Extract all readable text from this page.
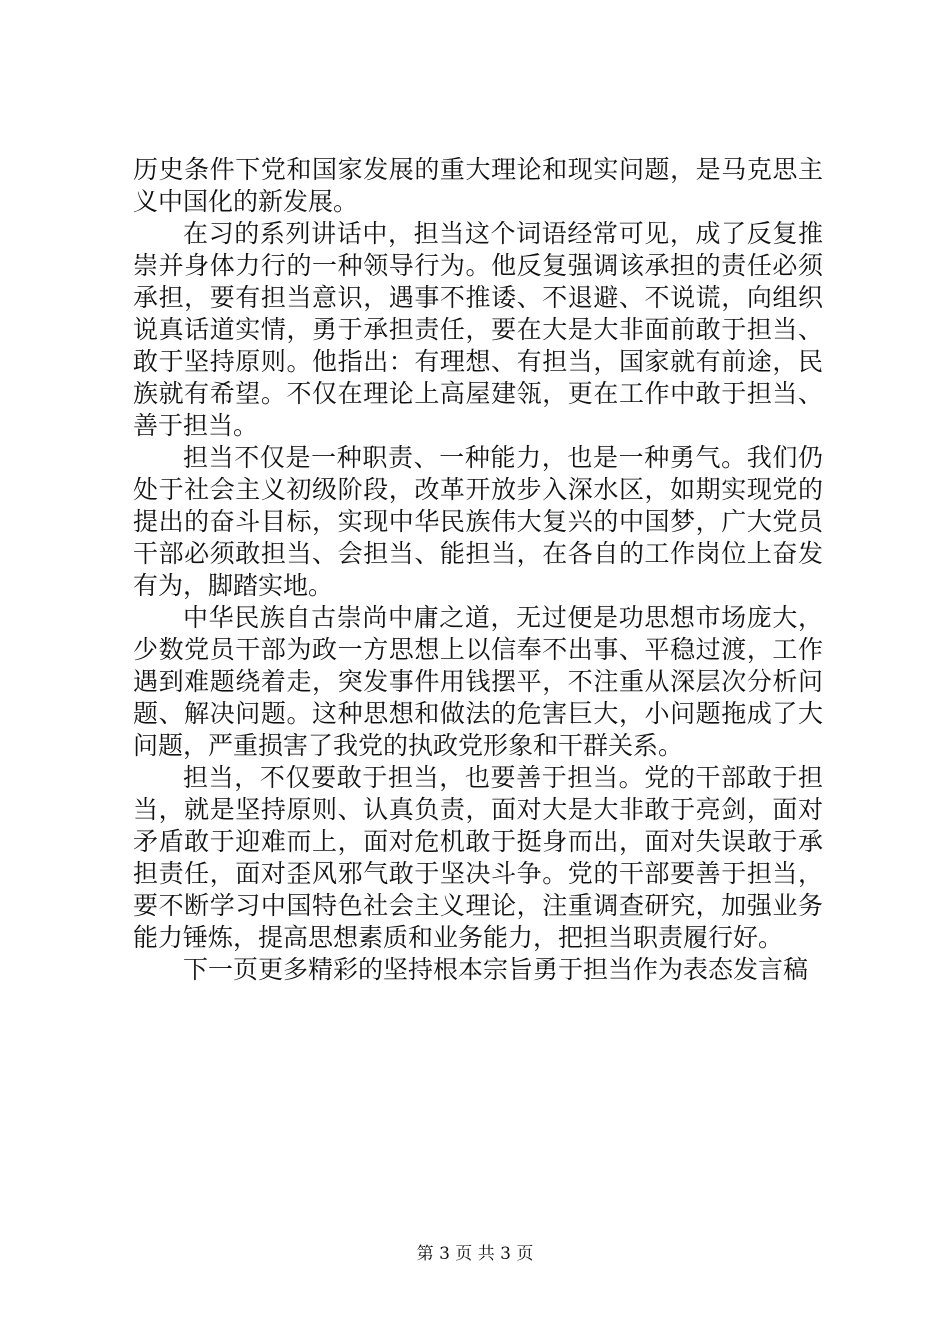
历史条件下党和国家发展的重大理论和现实问题，是马克思主
义中国化的新发展。
在习的系列讲话中，担当这个词语经常可见，成了反复推
崇并身体力行的一种领导行为。他反复强调该承担的责任必须
承担，要有担当意识，遇事不推诿、不退避、不说谎，向组织
说真话道实情，勇于承担责任，要在大是大非面前敢于担当、
敢于坚持原则。他指出：有理想、有担当，国家就有前途，民
族就有希望。不仅在理论上高屋建瓴，更在工作中敢于担当、
善于担当。
担当不仅是一种职责、一种能力，也是一种勇气。我们仍
处于社会主义初级阶段，改革开放步入深水区，如期实现党的
提出的奋斗目标，实现中华民族伟大复兴的中国梦，广大党员
干部必须敢担当、会担当、能担当，在各自的工作岗位上奋发
有为，脚踏实地。
中华民族自古崇尚中庸之道，无过便是功思想市场庞大，
少数党员干部为政一方思想上以信奉不出事、平稳过渡，工作
遇到难题绕着走，突发事件用钱摆平，不注重从深层次分析问
题、解决问题。这种思想和做法的危害巨大，小问题拖成了大
问题，严重损害了我党的执政党形象和干群关系。
担当，不仅要敢于担当，也要善于担当。党的干部敢于担
当，就是坚持原则、认真负责，面对大是大非敢于亮剑，面对
矛盾敢于迎难而上，面对危机敢于挺身而出，面对失误敢于承
担责任，面对歪风邪气敢于坚决斗争。党的干部要善于担当，
要不断学习中国特色社会主义理论，注重调查研究，加强业务
能力锤炼，提高思想素质和业务能力，把担当职责履行好。
下一页更多精彩的坚持根本宗旨勇于担当作为表态发言稿
第 3 页 共 3 页
